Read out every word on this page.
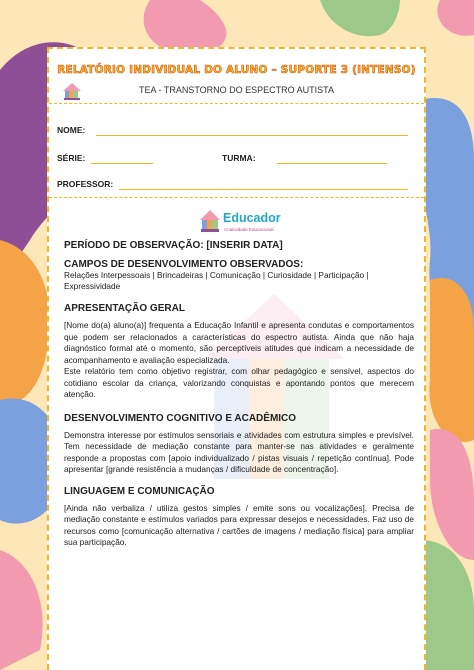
RELATÓRIO INDIVIDUAL DO ALUNO – SUPORTE 3 (INTENSO)
TEA - TRANSTORNO DO ESPECTRO AUTISTA
NOME:
SÉRIE:	TURMA:
PROFESSOR:
Educador
Criatividade Educacional

PERÍODO DE OBSERVAÇÃO: [INSERIR DATA]

CAMPOS DE DESENVOLVIMENTO OBSERVADOS:

Relações Interpessoais | Brincadeiras | Comunicação | Curiosidade | Participação | Expressividade

APRESENTAÇÃO GERAL

[Nome do(a) aluno(a)] frequenta a Educação Infantil e apresenta condutas e comportamentos que podem ser relacionados a características do espectro autista. Ainda que não haja diagnóstico formal até o momento, são perceptíveis atitudes que indicam a necessidade de acompanhamento e avaliação especializada.

Este relatório tem como objetivo registrar, com olhar pedagógico e sensível, aspectos do cotidiano escolar da criança, valorizando conquistas e apontando pontos que merecem atenção.

DESENVOLVIMENTO COGNITIVO E ACADÊMICO

Demonstra interesse por estímulos sensoriais e atividades com estrutura simples e previsível. Tem necessidade de mediação constante para manter-se nas atividades e geralmente responde a propostas com [apoio individualizado / pistas visuais / repetição contínua]. Pode apresentar [grande resistência a mudanças / dificuldade de concentração].

LINGUAGEM E COMUNICAÇÃO

[Ainda não verbaliza / utiliza gestos simples / emite sons ou vocalizações]. Precisa de mediação constante e estímulos variados para expressar desejos e necessidades. Faz uso de recursos como [comunicação alternativa / cartões de imagens / mediação física] para ampliar sua participação.
